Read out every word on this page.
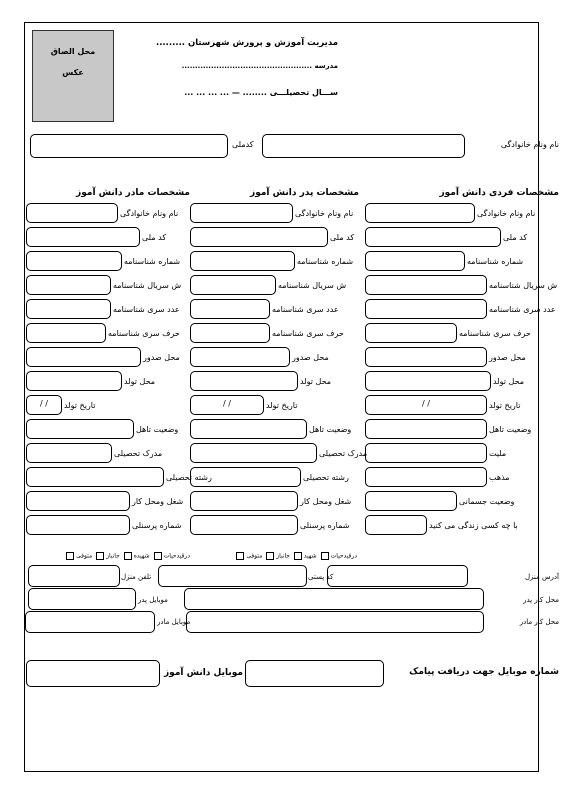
محل الصاق
عکس
مدیریت آموزش و پرورش شهرستان .........
مدرسه .................................................
ســـال تحصیلـــی ........ — ... ... ... ...
نام ونام خانوادگی
کدملی
مشخصات فردی دانش آموز
مشخصات پدر دانش آموز
مشخصات مادر دانش آموز
نام ونام خانوادگی
کد ملی
شماره شناسنامه
ش سریال شناسنامه
عدد سری شناسنامه
حرف سری شناسنامه
محل صدور
محل تولد
/ /	تاریخ تولد
وضعیت تاهل
ملیت
مذهب
وضعیت جسمانی
با چه کسی زندگی می کنید
نام ونام خانوادگی
کد ملی
شماره شناسنامه
ش سریال شناسنامه
عدد سری شناسنامه
حرف سری شناسنامه
محل صدور
محل تولد
/ /	تاریخ تولد
وضعیت تاهل
مدرک تحصیلی
رشته تحصیلی
شغل ومحل کار
شماره پرسنلی
نام ونام خانوادگی
کد ملی
شماره شناسنامه
ش سریال شناسنامه
عدد سری شناسنامه
حرف سری شناسنامه
محل صدور
محل تولد
/ /	تاریخ تولد
وضعیت تاهل
مدرک تحصیلی
رشته تحصیلی
شغل ومحل کار
شماره پرسنلی
درقیدحیات شهید جانباز متوفی
درقیدحیات شهیده جانباز متوفی
آدرس منزل
کد پستی
تلفن منزل
محل کار پدر
موبایل پدر
محل کار مادر
موبایل مادر
شماره موبایل جهت دریافت پیامک
موبایل دانش آموز
